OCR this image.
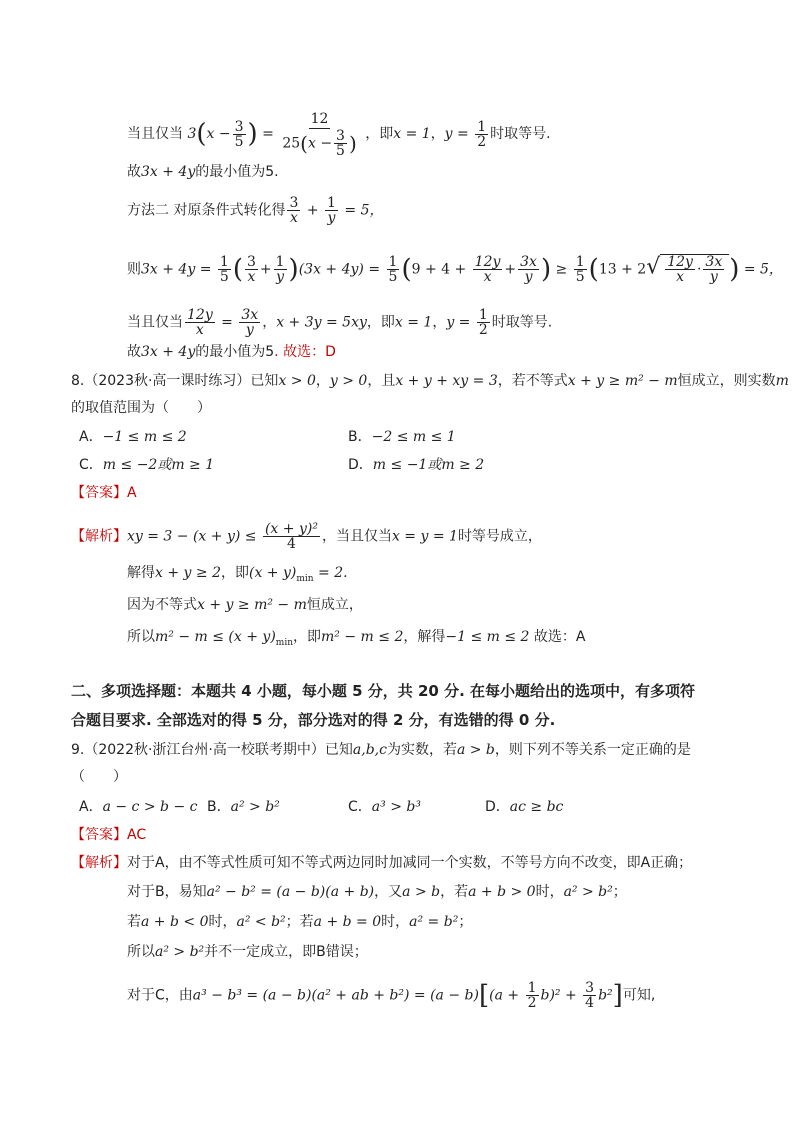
当且仅当 $3(x - \frac{3}{5}$ ) = $\frac{12}{25(x - \frac{3}{5} )}$ ，即x = 1，$y = \frac{1}{2}$ 时取等号.
故3x + 4y的最小值为5.
方法二 对原条件式转化得 $\frac{3}{x} + \frac{1}{y} = 5$，
则$3x + 4y = \frac{1}{5}$ ( $\frac{3}{x} + \frac{1}{y} )(3x + 4y) = \frac{1}{5} (9 + 4 + \frac{12y}{x} + \frac{3x}{y}$ ) ≥ $\frac{1}{5} (13 + 2√ \frac{12y}{x} \cdot \frac{3x}{y}$ ) = 5，
当且仅当 $\frac{12y}{x} = \frac{3x}{y}$ ，x + 3y = 5xy，即x = 1，$y = \frac{1}{2}$ 时取等号.
故3x + 4y的最小值为5. 故选：D
8.（2023秋·高一课时练习）已知x > 0，y > 0，且x + y + xy = 3，若不等式x + y ≥ m² − m恒成立，则实数m
的取值范围为（　　）
A．−1 ≤ m ≤ 2	B．−2 ≤ m ≤ 1
C．m ≤ −2或m ≥ 1	D．m ≤ −1或m ≥ 2
【答案】A
【解析】xy = $3 - (x + y) \le \frac{\text{(x + y)²}}{4}$ ，当且仅当x = y = 1时等号成立，
解得x + y ≥ 2，即$(x + y)_{min} = 2$.
因为不等式x + y ≥ m² − m恒成立，
所以$m^2 - m \le (x + y)_{min}$，即m² − m ≤ 2，解得−1 ≤ m ≤ 2 故选：A
二、多项选择题：本题共 4 小题，每小题 5 分，共 20 分. 在每小题给出的选项中，有多项符
合题目要求. 全部选对的得 5 分，部分选对的得 2 分，有选错的得 0 分.
9.（2022秋·浙江台州·高一校联考期中）已知a,b,c为实数，若a > b，则下列不等关系一定正确的是
（　　）
A．a − c > b − c B．a² > b²	C．a³ > b³	D．ac ≥ bc
【答案】AC
【解析】对于A，由不等式性质可知不等式两边同时加减同一个实数，不等号方向不改变，即A正确；
对于B，易知a² − b² = (a − b)(a + b)，又a > b，若a + b > 0时，a² > b²；
若a + b < 0时，a² < b²；若a + b = 0时，a² = b²；
所以a² > b²并不一定成立，即B错误；
对于C，由a³ − b³ = (a − b)(a² + ab + $b^2) = (a - b)[(a + \frac{1}{2} b)^2 + \frac{3}{4} b^2]$可知,
